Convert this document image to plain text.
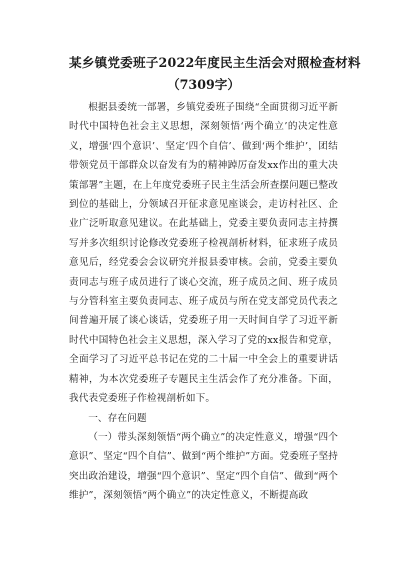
某乡镇党委班子2022年度民主生活会对照检查材料
（7309字）

根据县委统一部署，乡镇党委班子围绕“全面贯彻习近平新时代中国特色社会主义思想，深刻领悟‘两个确立’的决定性意义，增强‘四个意识’、坚定‘四个自信’、做到‘两个维护’，团结带领党员干部群众以奋发有为的精神踔厉奋发xx作出的重大决策部署”主题，在上年度党委班子民主生活会所查摆问题已整改到位的基础上，分领域召开征求意见座谈会，走访村社区、企业广泛听取意见建议。在此基础上，党委主要负责同志主持撰写并多次组织讨论修改党委班子检视剖析材料，征求班子成员意见后，经党委会会议研究并报县委审核。会前，党委主要负责同志与班子成员进行了谈心交流，班子成员之间、班子成员与分管科室主要负责同志、班子成员与所在党支部党员代表之间普遍开展了谈心谈话，党委班子用一天时间自学了习近平新时代中国特色社会主义思想，深入学习了党的xx报告和党章，全面学习了习近平总书记在党的二十届一中全会上的重要讲话精神，为本次党委班子专题民主生活会作了充分准备。下面，我代表党委班子作检视剖析如下。

一、存在问题

（一）带头深刻领悟“两个确立”的决定性意义，增强“四个意识”、坚定“四个自信”、做到“两个维护”方面。党委班子坚持突出政治建设，增强“四个意识”、坚定“四个自信”、做到“两个维护”，深刻领悟“两个确立”的决定性意义，不断提高政
